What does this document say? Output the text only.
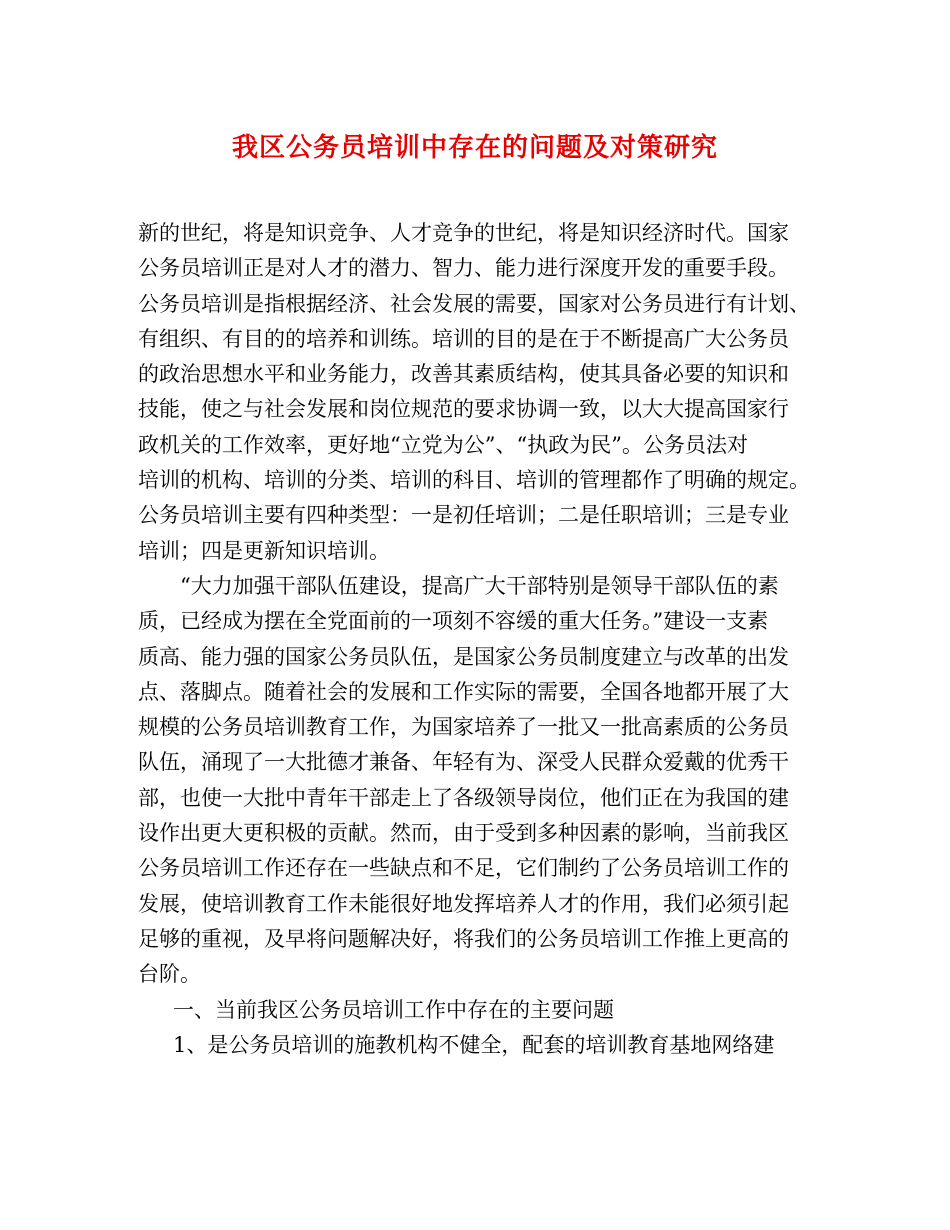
我区公务员培训中存在的问题及对策研究
新的世纪，将是知识竞争、人才竞争的世纪，将是知识经济时代。国家
公务员培训正是对人才的潜力、智力、能力进行深度开发的重要手段。
公务员培训是指根据经济、社会发展的需要，国家对公务员进行有计划、
有组织、有目的的培养和训练。培训的目的是在于不断提高广大公务员
的政治思想水平和业务能力，改善其素质结构，使其具备必要的知识和
技能，使之与社会发展和岗位规范的要求协调一致，以大大提高国家行
政机关的工作效率，更好地“立党为公”、“执政为民”。公务员法对
培训的机构、培训的分类、培训的科目、培训的管理都作了明确的规定。
公务员培训主要有四种类型：一是初任培训；二是任职培训；三是专业
培训；四是更新知识培训。
“大力加强干部队伍建设，提高广大干部特别是领导干部队伍的素
质，已经成为摆在全党面前的一项刻不容缓的重大任务。”建设一支素
质高、能力强的国家公务员队伍，是国家公务员制度建立与改革的出发
点、落脚点。随着社会的发展和工作实际的需要，全国各地都开展了大
规模的公务员培训教育工作，为国家培养了一批又一批高素质的公务员
队伍，涌现了一大批德才兼备、年轻有为、深受人民群众爱戴的优秀干
部，也使一大批中青年干部走上了各级领导岗位，他们正在为我国的建
设作出更大更积极的贡献。然而，由于受到多种因素的影响，当前我区
公务员培训工作还存在一些缺点和不足，它们制约了公务员培训工作的
发展，使培训教育工作未能很好地发挥培养人才的作用，我们必须引起
足够的重视，及早将问题解决好，将我们的公务员培训工作推上更高的
台阶。
一、当前我区公务员培训工作中存在的主要问题
1、是公务员培训的施教机构不健全，配套的培训教育基地网络建
